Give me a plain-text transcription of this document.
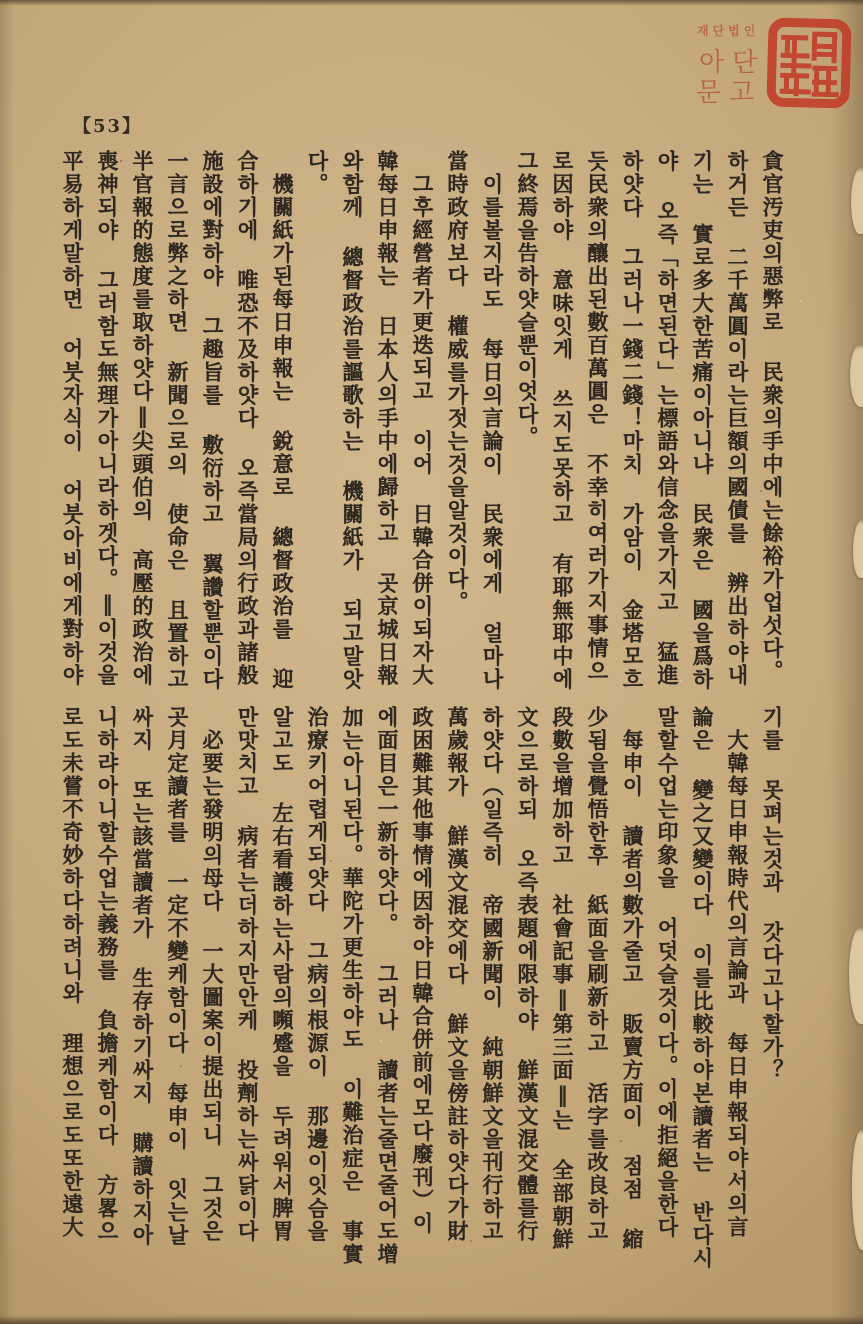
재단법인
아단
문고
【53】
貪官汚吏의惡弊로 民衆의手中에는餘裕가업섯다。
하거든 二千萬圓이라는巨額의國債를 辨出하야내
기는 實로多大한苦痛이아니냐 民衆은 國을爲하
야 오즉「하면된다」는標語와信念을가지고 猛進
하얏다 그러나一錢二錢！마치 가암이 金塔모흐
듯民衆의釀出된數百萬圓은 不幸히여러가지事情으
로因하야 意味잇게 쓰지도못하고 有耶無耶中에
그終焉을告하얏슬뿐이엇다。
　이를볼지라도 每日의言論이 民衆에게 얼마나
當時政府보다 權威를가젓는것을알것이다。
　그후經營者가更迭되고 이어 日韓合併이되자大
韓每日申報는 日本人의手中에歸하고 곳京城日報
와함께 總督政治를謳歌하는 機關紙가 되고말앗
다。
　機關紙가된每日申報는 銳意로 總督政治를 迎
合하기에 唯恐不及하얏다 오즉當局의行政과諸般
施設에對하야 그趣旨를 敷衍하고 翼讚할뿐이다
一言으로弊之하면 新聞으로의 使命은 且置하고
半官報的態度를取하얏다‖尖頭伯의 高壓的政治에
喪神되야 그러함도無理가아니라하겟다。‖이것을
平易하게말하면 어붓자식이 어붓아비에게對하야
기를 못펴는것과 갓다고나할가？
　大韓每日申報時代의言論과 每日申報되야서의言
論은 變之又變이다 이를比較하야본讀者는 반다시
말할수업는印象을 어덧슬것이다。이에拒絕을한다
　每申이 讀者의數가줄고 販賣方面이 점점 縮
少됨을覺悟한후 紙面을刷新하고 活字를改良하고
段數을增加하고 社會記事‖第三面‖는 全部朝鮮
文으로하되 오즉表題에限하야 鮮漢文混交體를行
하얏다（일즉히 帝國新聞이 純朝鮮文을刊行하고
萬歲報가 鮮漢文混交에다 鮮文을傍註하얏다가財
政困難其他事情에因하야日韓合併前에모다廢刊）이
에面目은一新하얏다。 그러나 讀者는줄면줄어도增
加는아니된다。華陀가更生하야도 이難治症은 事實
治療키어렵게되얏다 그病의根源이 那邊이잇슴을
알고도 左右看護하는사람의嚬蹙을 두려워서脾胃
만맛치고 病者는더하지만안케 投劑하는싸닭이다
　必要는發明의母다 一大圖案이提出되니 그것은
곳月定讀者를 一定不變케함이다 每申이 잇는날
싸지 또는該當讀者가 生存하기싸지 購讀하지아
니하랴아니할수업는義務를 負擔케함이다 方畧으
로도未嘗不奇妙하다하려니와 理想으로도또한遠大
